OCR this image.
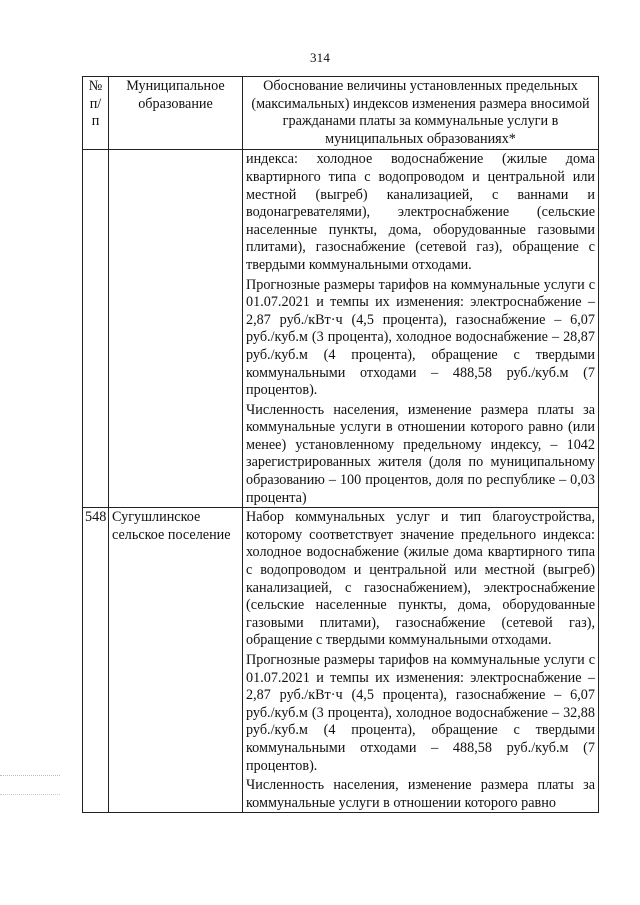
314
№ п/п	Муниципальное образование	Обоснование величины установленных предельных (максимальных) индексов изменения размера вносимой гражданами платы за коммунальные услуги в муниципальных образованиях*

		индекса: холодное водоснабжение (жилые дома квартирного типа с водопроводом и центральной или местной (выгреб) канализацией, с ваннами и водонагревателями), электроснабжение (сельские населенные пункты, дома, оборудованные газовыми плитами), газоснабжение (сетевой газ), обращение с твердыми коммунальными отходами.

Прогнозные размеры тарифов на коммунальные услуги с 01.07.2021 и темпы их изменения: электроснабжение – 2,87 руб./кВт·ч (4,5 процента), газоснабжение – 6,07 руб./куб.м (3 процента), холодное водоснабжение – 28,87 руб./куб.м (4 процента), обращение с твердыми коммунальными отходами – 488,58 руб./куб.м (7 процентов).

Численность населения, изменение размера платы за коммунальные услуги в отношении которого равно (или менее) установленному предельному индексу, – 1042 зарегистрированных жителя (доля по муниципальному образованию – 100 процентов, доля по республике – 0,03 процента)

548	Сугушлинское сельское поселение	Набор коммунальных услуг и тип благоустройства, которому соответствует значение предельного индекса: холодное водоснабжение (жилые дома квартирного типа с водопроводом и центральной или местной (выгреб) канализацией, с газоснабжением), электроснабжение (сельские населенные пункты, дома, оборудованные газовыми плитами), газоснабжение (сетевой газ), обращение с твердыми коммунальными отходами.

Прогнозные размеры тарифов на коммунальные услуги с 01.07.2021 и темпы их изменения: электроснабжение – 2,87 руб./кВт·ч (4,5 процента), газоснабжение – 6,07 руб./куб.м (3 процента), холодное водоснабжение – 32,88 руб./куб.м (4 процента), обращение с твердыми коммунальными отходами – 488,58 руб./куб.м (7 процентов).

Численность населения, изменение размера платы за коммунальные услуги в отношении которого равно
